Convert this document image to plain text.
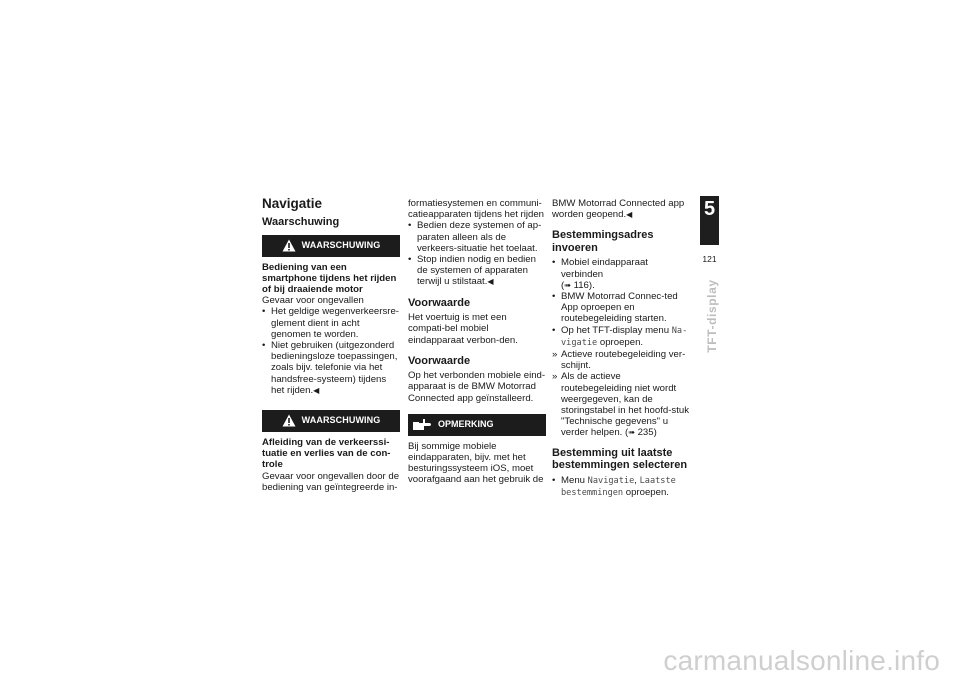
Navigatie
Waarschuwing
WAARSCHUWING

Bediening van een smartphone tijdens het rijden of bij draaiende motor

Gevaar voor ongevallen

• Het geldige wegenverkeersre-glement dient in acht genomen te worden.
• Niet gebruiken (uitgezonderd bedieningsloze toepassingen, zoals bijv. telefonie via het handsfree-systeem) tijdens het rijden.◀
WAARSCHUWING

Afleiding van de verkeerssi-tuatie en verlies van de con-trole

Gevaar voor ongevallen door de bediening van geïntegreerde in-

formatiesystemen en communi-catieapparaten tijdens het rijden

• Bedien deze systemen of ap-paraten alleen als de verkeers-situatie het toelaat.
• Stop indien nodig en bedien de systemen of apparaten terwijl u stilstaat.◀
Voorwaarde

Het voertuig is met een compati-bel mobiel eindapparaat verbon-den.

Voorwaarde

Op het verbonden mobiele eind-apparaat is de BMW Motorrad Connected app geïnstalleerd.

OPMERKING

Bij sommige mobiele eindapparaten, bijv. met het besturingssysteem iOS, moet voorafgaand aan het gebruik de

BMW Motorrad Connected app worden geopend.◀

Bestemmingsadres invoeren
• Mobiel eindapparaat verbinden
(➠ 116).
• BMW Motorrad Connec-ted App oproepen en routebegeleiding starten.
• Op het TFT-display menu Na-vigatie oproepen.
» Actieve routebegeleiding ver-schijnt.
» Als de actieve routebegeleiding niet wordt weergegeven, kan de storingstabel in het hoofd-stuk "Technische gegevens" u verder helpen. (➠ 235)
Bestemming uit laatste bestemmingen selecteren
• Menu Navigatie, Laatste bestemmingen oproepen.
5
121
TFT-display
carmanualsonline.info
